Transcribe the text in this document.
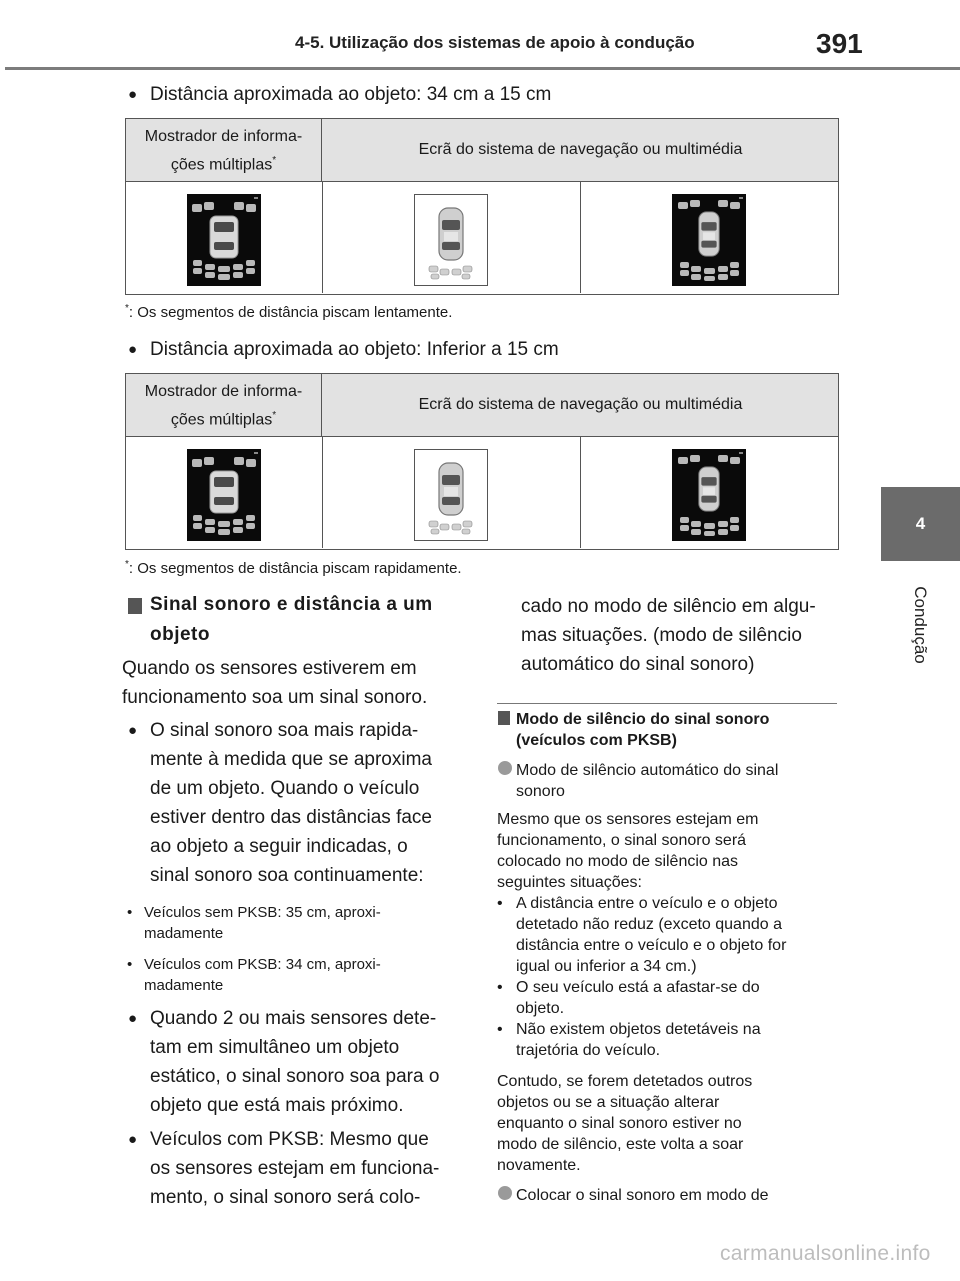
4-5. Utilização dos sistemas de apoio à condução	391
4
Condução
● Distância aproximada ao objeto: 34 cm a 15 cm
Mostrador de informa-
ções múltiplas*
Ecrã do sistema de navegação ou multimédia
*: Os segmentos de distância piscam lentamente.
● Distância aproximada ao objeto: Inferior a 15 cm
Mostrador de informa-
ções múltiplas*
Ecrã do sistema de navegação ou multimédia
*: Os segmentos de distância piscam rapidamente.
Sinal sonoro e distância a um
objeto
Quando os sensores estiverem em
funcionamento soa um sinal sonoro.
● O sinal sonoro soa mais rapida-
mente à medida que se aproxima
de um objeto. Quando o veículo
estiver dentro das distâncias face
ao objeto a seguir indicadas, o
sinal sonoro soa continuamente:
• Veículos sem PKSB: 35 cm, aproxi-
madamente
• Veículos com PKSB: 34 cm, aproxi-
madamente
● Quando 2 ou mais sensores dete-
tam em simultâneo um objeto
estático, o sinal sonoro soa para o
objeto que está mais próximo.
● Veículos com PKSB: Mesmo que
os sensores estejam em funciona-
mento, o sinal sonoro será colo-
cado no modo de silêncio em algu-
mas situações. (modo de silêncio
automático do sinal sonoro)
Modo de silêncio do sinal sonoro
(veículos com PKSB)
Modo de silêncio automático do sinal
sonoro
Mesmo que os sensores estejam em
funcionamento, o sinal sonoro será
colocado no modo de silêncio nas
seguintes situações:
• A distância entre o veículo e o objeto
detetado não reduz (exceto quando a
distância entre o veículo e o objeto for
igual ou inferior a 34 cm.)
• O seu veículo está a afastar-se do
objeto.
• Não existem objetos detetáveis na
trajetória do veículo.
Contudo, se forem detetados outros
objetos ou se a situação alterar
enquanto o sinal sonoro estiver no
modo de silêncio, este volta a soar
novamente.
Colocar o sinal sonoro em modo de
carmanualsonline.info
